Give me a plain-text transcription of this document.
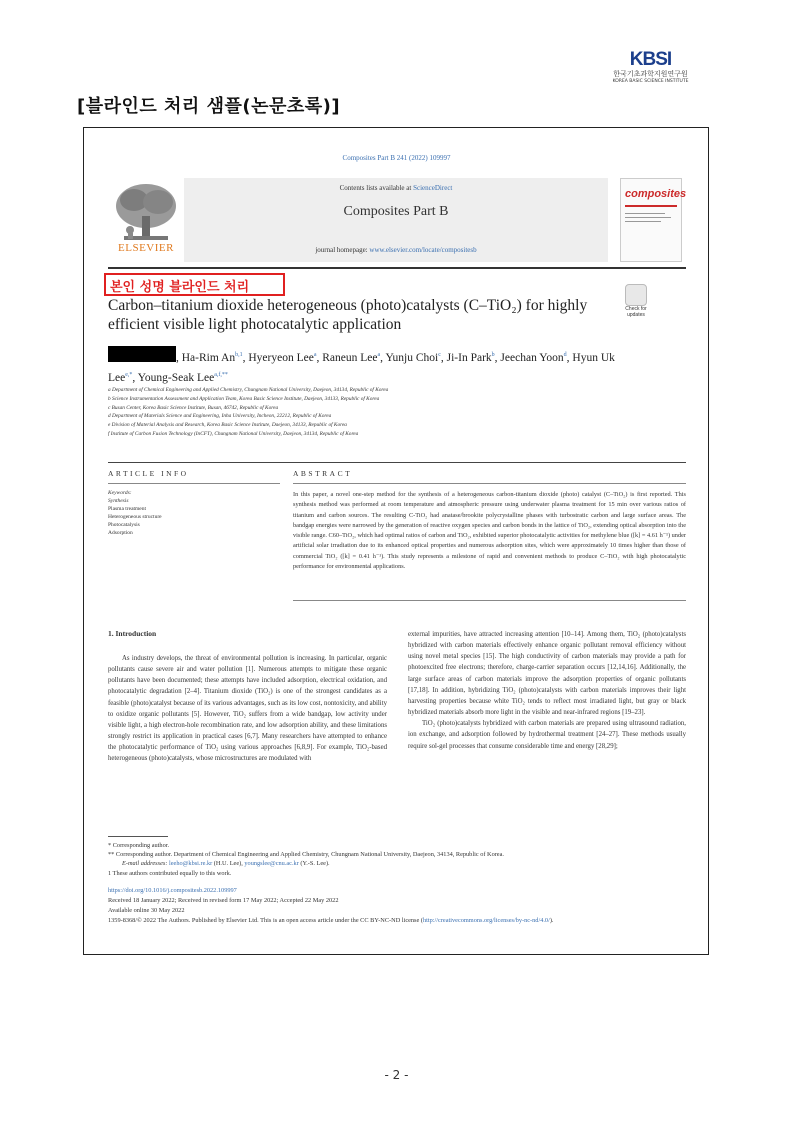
KBSI
한국기초과학지원연구원
KOREA BASIC SCIENCE INSTITUTE
[블라인드 처리 샘플(논문초록)]
Composites Part B 241 (2022) 109997
ELSEVIER
Contents lists available at ScienceDirect
Composites Part B
journal homepage: www.elsevier.com/locate/compositesb
composites
본인 성명 블라인드 처리
Check for updates
Carbon–titanium dioxide heterogeneous (photo)catalysts (C–TiO₂) for highly efficient visible light photocatalytic application
, Ha-Rim An$^{b,1}$, Hyeryeon Lee$^a$, Raneun Lee$^a$, Yunju Choi$^c$, Ji-In Park$^b$, Jeechan Yoon$^d$, Hyun Uk Lee$^{e,*}$, Young-Seak Lee$^{a,f,**}$
a Department of Chemical Engineering and Applied Chemistry, Chungnam National University, Daejeon, 34134, Republic of Korea
b Science Instrumentation Assessment and Application Team, Korea Basic Science Institute, Daejeon, 34133, Republic of Korea
c Busan Center, Korea Basic Science Institute, Busan, 46742, Republic of Korea
d Department of Materials Science and Engineering, Inha University, Incheon, 22212, Republic of Korea
e Division of Material Analysis and Research, Korea Basic Science Institute, Daejeon, 34133, Republic of Korea
f Institute of Carbon Fusion Technology (InCFT), Chungnam National University, Daejeon, 34134, Republic of Korea
ARTICLE INFO	ABSTRACT
Keywords:
Synthesis
Plasma treatment
Heterogeneous structure
Photocatalysis
Adsorption
In this paper, a novel one-step method for the synthesis of a heterogeneous carbon-titanium dioxide (photo) catalyst (C–TiO₂) is first reported. This synthesis method was performed at room temperature and atmospheric pressure using underwater plasma treatment for 15 min over various ratios of titanium and carbon sources. The resulting C-TiO₂ had anatase/brookite polycrystalline phases with turbostratic carbon and large surface areas. The bandgap energies were narrowed by the generation of reactive oxygen species and carbon bonds in the lattice of TiO₂, extending optical absorption into the visible range. C60–TiO₂, which had optimal ratios of carbon and TiO₂, exhibited superior photocatalytic activities for methylene blue ([k] = 4.61 h⁻¹) under artificial solar irradiation due to its enhanced optical properties and numerous adsorption sites, which were approximately 10 times higher than those of commercial TiO₂ ([k] = 0.41 h⁻¹). This study represents a milestone of rapid and convenient methods to produce C–TiO₂ with high photocatalytic performance for environmental applications.
1. Introduction
As industry develops, the threat of environmental pollution is increasing. In particular, organic pollutants cause severe air and water pollution [1]. Numerous attempts to mitigate these organic pollutants have been documented; these attempts have included adsorption, electrical oxidation, and photocatalytic degradation [2–4]. Titanium dioxide (TiO₂) is one of the strongest candidates as a feasible (photo)catalyst because of its various advantages, such as its low cost, nontoxicity, and ability to oxidize organic pollutants [5]. However, TiO₂ suffers from a wide bandgap, low activity under visible light, a high electron-hole recombination rate, and low adsorption ability, and these limitations strongly restrict its application in practical cases [6,7]. Many researchers have attempted to enhance the photocatalytic performance of TiO₂ using various approaches [6,8,9]. For example, TiO₂-based heterogeneous (photo)catalysts, whose microstructures are modulated with
external impurities, have attracted increasing attention [10–14]. Among them, TiO₂ (photo)catalysts hybridized with carbon materials effectively enhance organic pollutant removal efficiency without using novel metal species [15]. The high conductivity of carbon materials may provide a path for photoexcited free electrons; therefore, charge-carrier separation occurs [12,14,16]. Additionally, the large surface areas of carbon materials improve the adsorption properties of organic pollutants [17,18]. In addition, hybridizing TiO₂ (photo)catalysts with carbon materials improves their light harvesting properties because white TiO₂ tends to reflect most irradiated light, but gray or black hybridized materials absorb more light in the visible and near-infrared regions [19–23].
TiO₂ (photo)catalysts hybridized with carbon materials are prepared using ultrasound radiation, ion exchange, and adsorption followed by hydrothermal treatment [24–27]. These methods usually require sol-gel processes that consume considerable time and energy [28,29];
* Corresponding author.
** Corresponding author. Department of Chemical Engineering and Applied Chemistry, Chungnam National University, Daejeon, 34134, Republic of Korea.
E-mail addresses: leeho@kbsi.re.kr (H.U. Lee), youngslee@cnu.ac.kr (Y.-S. Lee).
1 These authors contributed equally to this work.
https://doi.org/10.1016/j.compositesb.2022.109997
Received 18 January 2022; Received in revised form 17 May 2022; Accepted 22 May 2022
Available online 30 May 2022
1359-8368/© 2022 The Authors. Published by Elsevier Ltd. This is an open access article under the CC BY-NC-ND license (http://creativecommons.org/licenses/by-nc-nd/4.0/).
- 2 -
